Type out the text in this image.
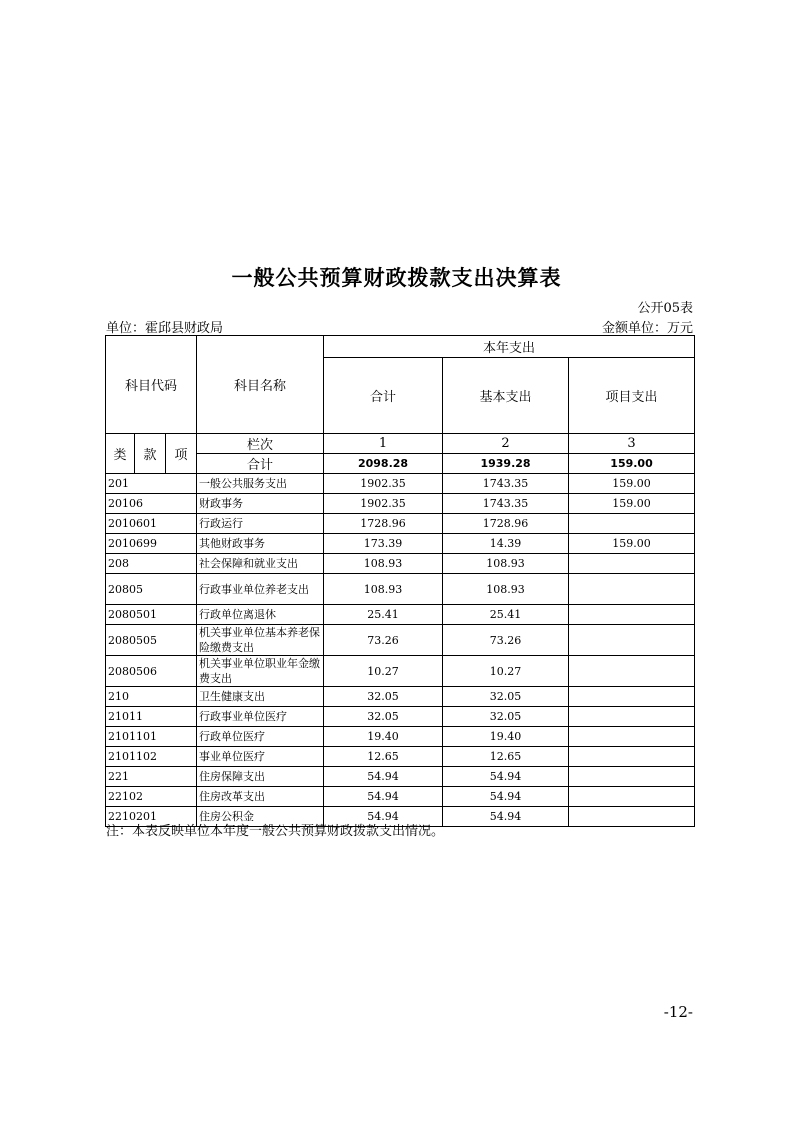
一般公共预算财政拨款支出决算表
公开05表
单位：霍邱县财政局	金额单位：万元
科目代码			科目名称	本年支出		
				合计	基本支出	项目支出
类	款	项	栏次	1	2	3
			合计	2098.28	1939.28	159.00
201			一般公共服务支出	1902.35	1743.35	159.00
20106			财政事务	1902.35	1743.35	159.00
2010601			行政运行	1728.96	1728.96	
2010699			其他财政事务	173.39	14.39	159.00
208			社会保障和就业支出	108.93	108.93	
20805			行政事业单位养老支出	108.93	108.93	
2080501			行政单位离退休	25.41	25.41	
2080505			机关事业单位基本养老保险缴费支出	73.26	73.26	
2080506			机关事业单位职业年金缴费支出	10.27	10.27	
210			卫生健康支出	32.05	32.05	
21011			行政事业单位医疗	32.05	32.05	
2101101			行政单位医疗	19.40	19.40	
2101102			事业单位医疗	12.65	12.65	
221			住房保障支出	54.94	54.94	
22102			住房改革支出	54.94	54.94	
2210201			住房公积金	54.94	54.94	
注：本表反映单位本年度一般公共预算财政拨款支出情况。
-12-
